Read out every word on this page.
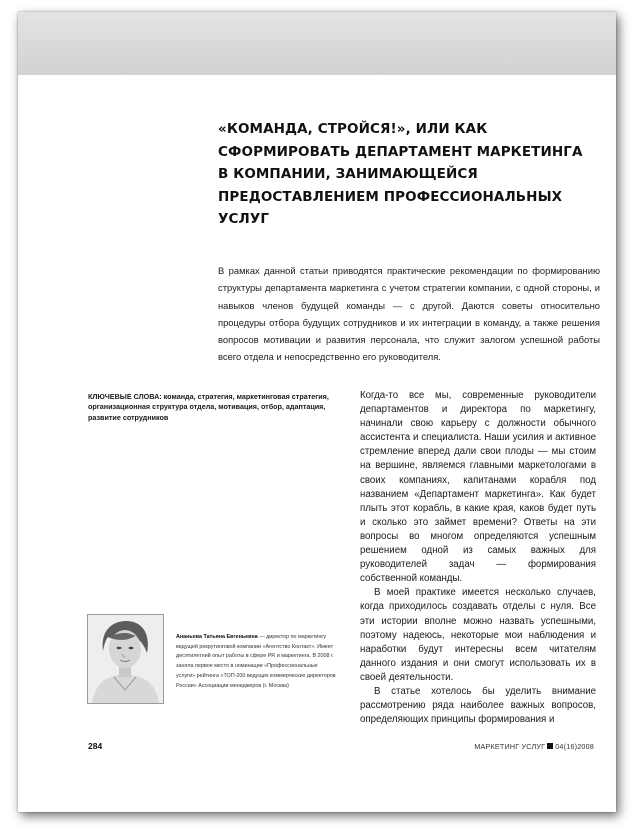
«КОМАНДА, СТРОЙСЯ!», ИЛИ КАК СФОРМИРОВАТЬ ДЕПАРТАМЕНТ МАРКЕТИНГА В КОМПАНИИ, ЗАНИМАЮЩЕЙСЯ ПРЕДОСТАВЛЕНИЕМ ПРОФЕССИОНАЛЬНЫХ УСЛУГ
В рамках данной статьи приводятся практические рекомендации по формированию структуры департамента маркетинга с учетом стратегии компании, с одной стороны, и навыков членов будущей команды — с другой. Даются советы относительно процедуры отбора будущих сотрудников и их интеграции в команду, а также решения вопросов мотивации и развития персонала, что служит залогом успешной работы всего отдела и непосредственно его руководителя.
КЛЮЧЕВЫЕ СЛОВА: команда, стратегия, маркетинговая стратегия, организационная структура отдела, мотивация, отбор, адаптация, развитие сотрудников

Когда-то все мы, современные руководители департаментов и директора по маркетингу, начинали свою карьеру с должности обычного ассистента и специалиста. Наши усилия и активное стремление вперед дали свои плоды — мы стоим на вершине, являемся главными маркетологами в своих компаниях, капитанами корабля под названием «Департамент маркетинга». Как будет плыть этот корабль, в какие края, каков будет путь и сколько это займет времени? Ответы на эти вопросы во многом определяются успешным решением одной из самых важных для руководителей задач — формирования собственной команды.

В моей практике имеется несколько случаев, когда приходилось создавать отделы с нуля. Все эти истории вполне можно назвать успешными, поэтому надеюсь, некоторые мои наблюдения и наработки будут интересны всем читателям данного издания и они смогут использовать их в своей деятельности.

В статье хотелось бы уделить внимание рассмотрению ряда наиболее важных вопросов, определяющих принципы формирования и

Ананьева Татьяна Евгеньевна — директор по маркетингу ведущей рекрутинговой компании «Агентство Контакт». Имеет десятилетний опыт работы в сфере PR и маркетинга. В 2008 г. заняла первое место в номинации «Профессиональные услуги» рейтинга «ТОП-200 ведущих коммерческих директоров России» Ассоциации менеджеров (г. Москва)
284	МАРКЕТИНГ УСЛУГ 04(16)2008
